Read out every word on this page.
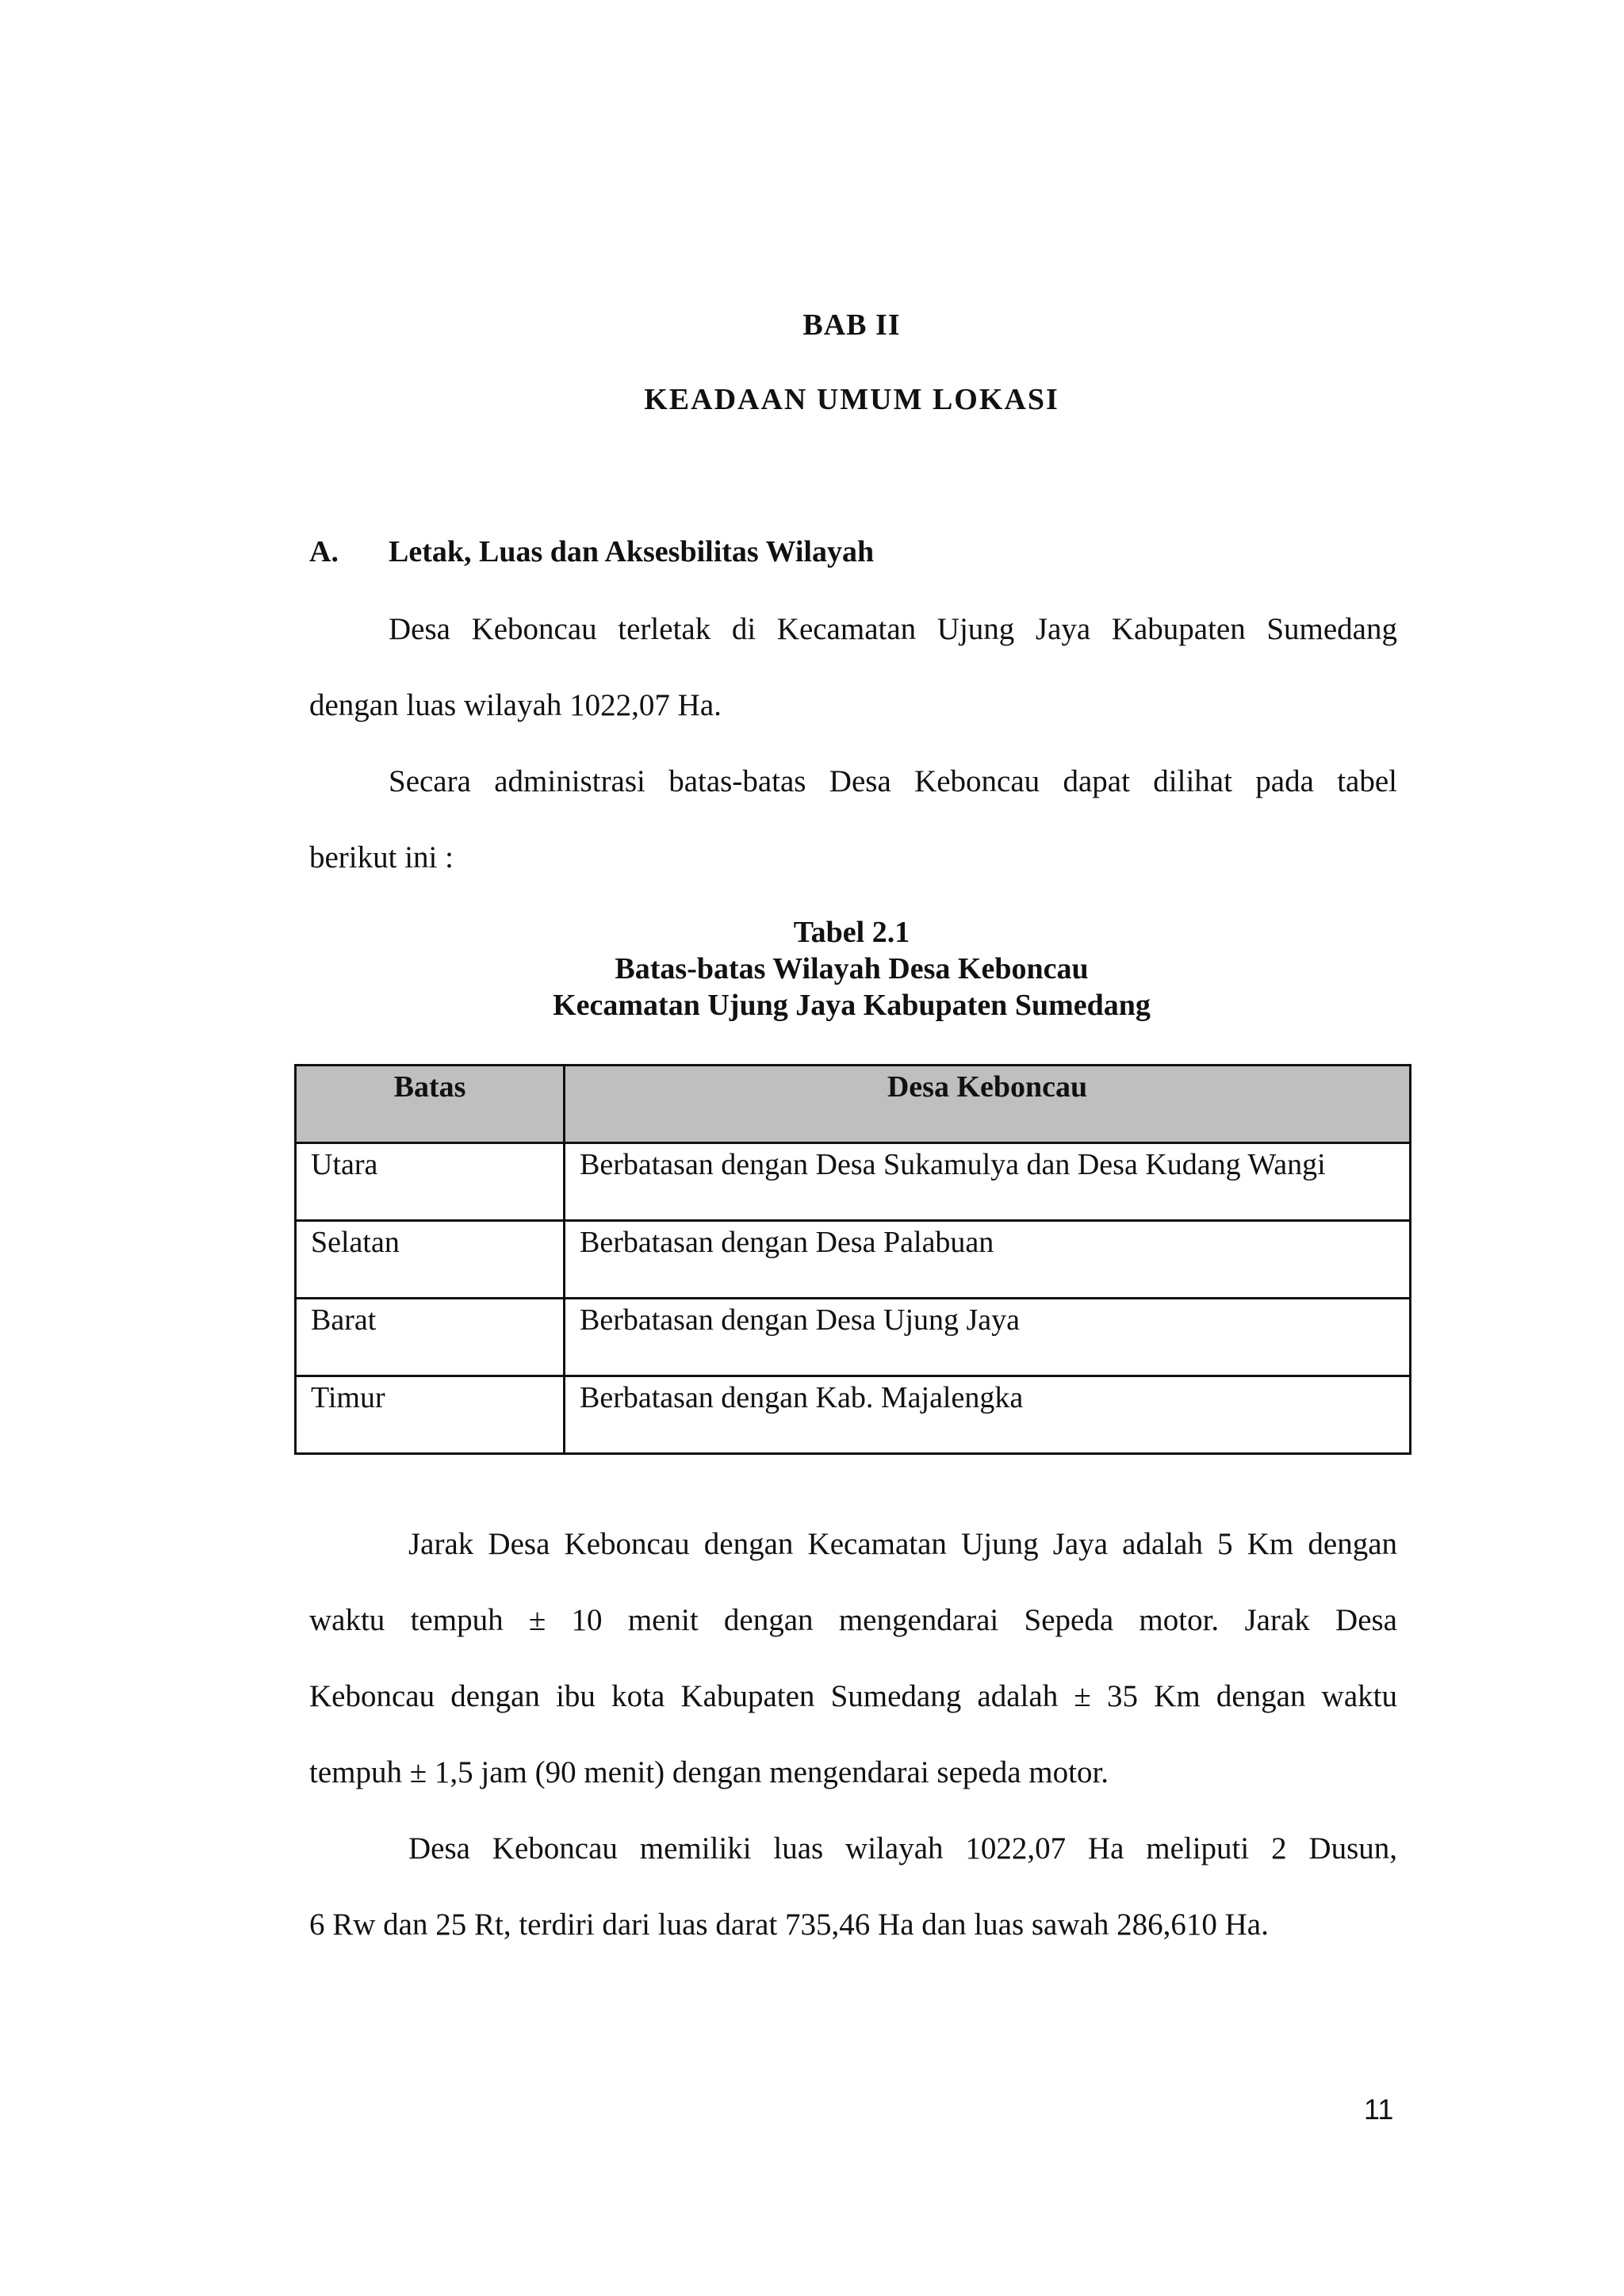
BAB II
KEADAAN UMUM LOKASI
A. Letak, Luas dan Aksesbilitas Wilayah
Desa Keboncau terletak di Kecamatan Ujung Jaya Kabupaten Sumedang
dengan luas wilayah 1022,07 Ha.
Secara administrasi batas-batas Desa Keboncau dapat dilihat pada tabel
berikut ini :
Tabel 2.1
Batas-batas Wilayah Desa Keboncau
Kecamatan Ujung Jaya Kabupaten Sumedang
Batas	Desa Keboncau
Utara	Berbatasan dengan Desa Sukamulya dan Desa Kudang Wangi
Selatan	Berbatasan dengan Desa Palabuan
Barat	Berbatasan dengan Desa Ujung Jaya
Timur	Berbatasan dengan Kab. Majalengka
Jarak Desa Keboncau dengan Kecamatan Ujung Jaya adalah 5 Km dengan
waktu tempuh ± 10 menit dengan mengendarai Sepeda motor. Jarak Desa
Keboncau dengan ibu kota Kabupaten Sumedang adalah ± 35 Km dengan waktu
tempuh ± 1,5 jam (90 menit) dengan mengendarai sepeda motor.
Desa Keboncau memiliki luas wilayah 1022,07 Ha meliputi 2 Dusun,
6 Rw dan 25 Rt, terdiri dari luas darat 735,46 Ha dan luas sawah 286,610 Ha.
11
